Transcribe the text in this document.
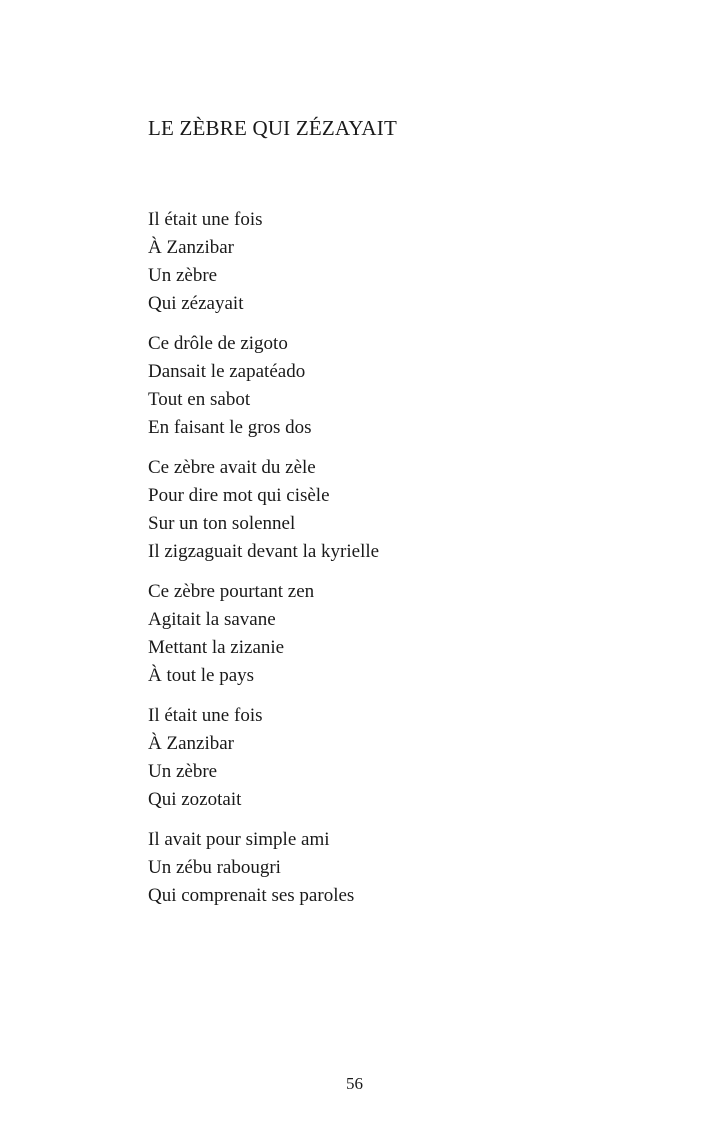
LE ZÈBRE QUI ZÉZAYAIT
Il était une fois
À Zanzibar
Un zèbre
Qui zézayait
Ce drôle de zigoto
Dansait le zapatéado
Tout en sabot
En faisant le gros dos
Ce zèbre avait du zèle
Pour dire mot qui cisèle
Sur un ton solennel
Il zigzaguait devant la kyrielle
Ce zèbre pourtant zen
Agitait la savane
Mettant la zizanie
À tout le pays
Il était une fois
À Zanzibar
Un zèbre
Qui zozotait
Il avait pour simple ami
Un zébu rabougri
Qui comprenait ses paroles
56
